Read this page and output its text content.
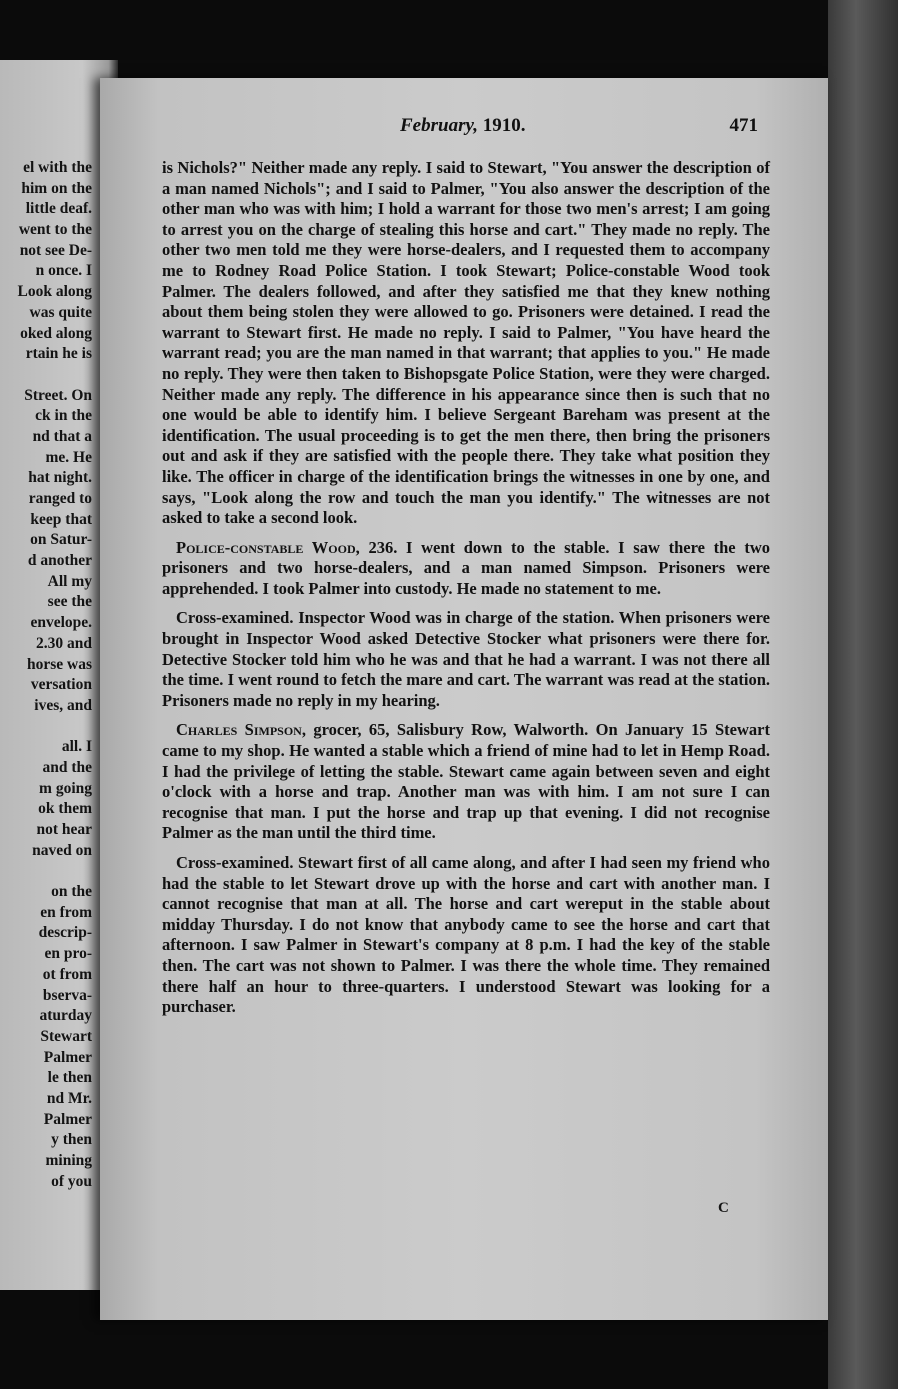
el with the
him on the
little deaf.
went to the
not see De-
n once. I
Look along
was quite
oked along
rtain he is
Street. On
ck in the
nd that a
me. He
hat night.
ranged to
keep that
on Satur-
d another
All my
see the
envelope.
2.30 and
horse was
versation
ives, and
all. I
and the
m going
ok them
not hear
naved on
on the
en from
descrip-
en pro-
ot from
bserva-
aturday
Stewart
Palmer
le then
nd Mr.
Palmer
y then
mining
of you
February, 1910.	471

is Nichols?" Neither made any reply. I said to Stewart, "You answer the description of a man named Nichols"; and I said to Palmer, "You also answer the description of the other man who was with him; I hold a warrant for those two men's arrest; I am going to arrest you on the charge of stealing this horse and cart." They made no reply. The other two men told me they were horse-dealers, and I requested them to accompany me to Rodney Road Police Station. I took Stewart; Police-constable Wood took Palmer. The dealers followed, and after they satisfied me that they knew nothing about them being stolen they were allowed to go. Prisoners were detained. I read the warrant to Stewart first. He made no reply. I said to Palmer, "You have heard the warrant read; you are the man named in that warrant; that applies to you." He made no reply. They were then taken to Bishopsgate Police Station, were they were charged. Neither made any reply. The difference in his appearance since then is such that no one would be able to identify him. I believe Sergeant Bareham was present at the identification. The usual proceeding is to get the men there, then bring the prisoners out and ask if they are satisfied with the people there. They take what position they like. The officer in charge of the identification brings the witnesses in one by one, and says, "Look along the row and touch the man you identify." The witnesses are not asked to take a second look.

Police-constable Wood, 236. I went down to the stable. I saw there the two prisoners and two horse-dealers, and a man named Simpson. Prisoners were apprehended. I took Palmer into custody. He made no statement to me.

Cross-examined. Inspector Wood was in charge of the station. When prisoners were brought in Inspector Wood asked Detective Stocker what prisoners were there for. Detective Stocker told him who he was and that he had a warrant. I was not there all the time. I went round to fetch the mare and cart. The warrant was read at the station. Prisoners made no reply in my hearing.

Charles Simpson, grocer, 65, Salisbury Row, Walworth. On January 15 Stewart came to my shop. He wanted a stable which a friend of mine had to let in Hemp Road. I had the privilege of letting the stable. Stewart came again between seven and eight o'clock with a horse and trap. Another man was with him. I am not sure I can recognise that man. I put the horse and trap up that evening. I did not recognise Palmer as the man until the third time.

Cross-examined. Stewart first of all came along, and after I had seen my friend who had the stable to let Stewart drove up with the horse and cart with another man. I cannot recognise that man at all. The horse and cart wereput in the stable about midday Thursday. I do not know that anybody came to see the horse and cart that afternoon. I saw Palmer in Stewart's company at 8 p.m. I had the key of the stable then. The cart was not shown to Palmer. I was there the whole time. They remained there half an hour to three-quarters. I understood Stewart was looking for a purchaser.

C
